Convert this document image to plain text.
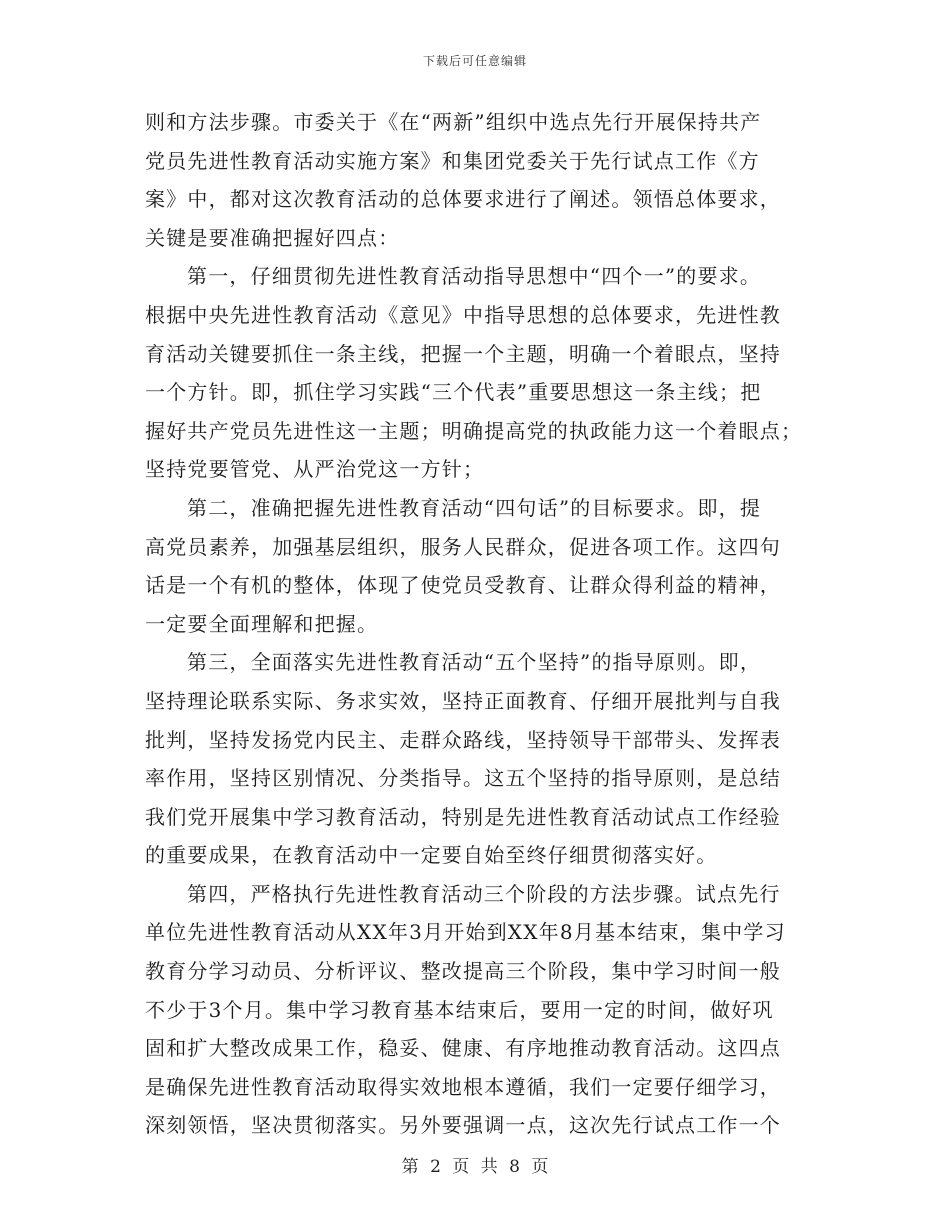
下载后可任意编辑
则和方法步骤。市委关于《在“两新”组织中选点先行开展保持共产
党员先进性教育活动实施方案》和集团党委关于先行试点工作《方
案》中，都对这次教育活动的总体要求进行了阐述。领悟总体要求，
关键是要准确把握好四点：
第一，仔细贯彻先进性教育活动指导思想中“四个一”的要求。
根据中央先进性教育活动《意见》中指导思想的总体要求，先进性教
育活动关键要抓住一条主线，把握一个主题，明确一个着眼点，坚持
一个方针。即，抓住学习实践“三个代表”重要思想这一条主线；把
握好共产党员先进性这一主题；明确提高党的执政能力这一个着眼点；
坚持党要管党、从严治党这一方针；
第二，准确把握先进性教育活动“四句话”的目标要求。即，提
高党员素养，加强基层组织，服务人民群众，促进各项工作。这四句
话是一个有机的整体，体现了使党员受教育、让群众得利益的精神，
一定要全面理解和把握。
第三，全面落实先进性教育活动“五个坚持”的指导原则。即，
坚持理论联系实际、务求实效，坚持正面教育、仔细开展批判与自我
批判，坚持发扬党内民主、走群众路线，坚持领导干部带头、发挥表
率作用，坚持区别情况、分类指导。这五个坚持的指导原则，是总结
我们党开展集中学习教育活动，特别是先进性教育活动试点工作经验
的重要成果，在教育活动中一定要自始至终仔细贯彻落实好。
第四，严格执行先进性教育活动三个阶段的方法步骤。试点先行
单位先进性教育活动从XX年3月开始到XX年8月基本结束，集中学习
教育分学习动员、分析评议、整改提高三个阶段，集中学习时间一般
不少于3个月。集中学习教育基本结束后，要用一定的时间，做好巩
固和扩大整改成果工作，稳妥、健康、有序地推动教育活动。这四点
是确保先进性教育活动取得实效地根本遵循，我们一定要仔细学习，
深刻领悟，坚决贯彻落实。另外要强调一点，这次先行试点工作一个
第 2 页 共 8 页
